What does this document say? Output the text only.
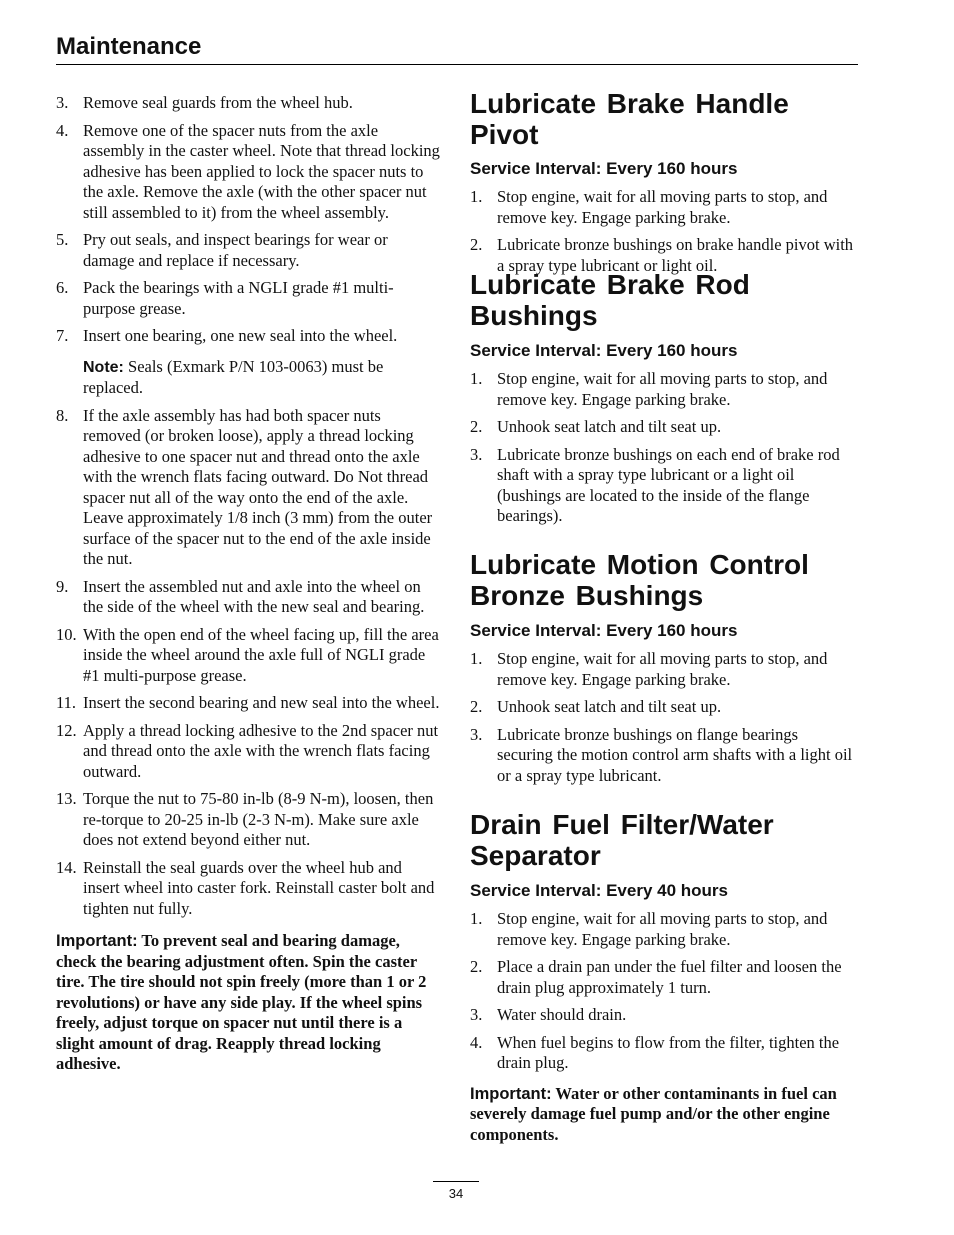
Maintenance
3. Remove seal guards from the wheel hub.
4. Remove one of the spacer nuts from the axle assembly in the caster wheel. Note that thread locking adhesive has been applied to lock the spacer nuts to the axle. Remove the axle (with the other spacer nut still assembled to it) from the wheel assembly.
5. Pry out seals, and inspect bearings for wear or damage and replace if necessary.
6. Pack the bearings with a NGLI grade #1 multi-purpose grease.
7. Insert one bearing, one new seal into the wheel.
Note: Seals (Exmark P/N 103-0063) must be replaced.
8. If the axle assembly has had both spacer nuts removed (or broken loose), apply a thread locking adhesive to one spacer nut and thread onto the axle with the wrench flats facing outward. Do Not thread spacer nut all of the way onto the end of the axle. Leave approximately 1/8 inch (3 mm) from the outer surface of the spacer nut to the end of the axle inside the nut.
9. Insert the assembled nut and axle into the wheel on the side of the wheel with the new seal and bearing.
10. With the open end of the wheel facing up, fill the area inside the wheel around the axle full of NGLI grade #1 multi-purpose grease.
11. Insert the second bearing and new seal into the wheel.
12. Apply a thread locking adhesive to the 2nd spacer nut and thread onto the axle with the wrench flats facing outward.
13. Torque the nut to 75-80 in-lb (8-9 N-m), loosen, then re-torque to 20-25 in-lb (2-3 N-m). Make sure axle does not extend beyond either nut.
14. Reinstall the seal guards over the wheel hub and insert wheel into caster fork. Reinstall caster bolt and tighten nut fully.
Important: To prevent seal and bearing damage, check the bearing adjustment often. Spin the caster tire. The tire should not spin freely (more than 1 or 2 revolutions) or have any side play. If the wheel spins freely, adjust torque on spacer nut until there is a slight amount of drag. Reapply thread locking adhesive.
Lubricate Brake Handle Pivot
Service Interval: Every 160 hours
1. Stop engine, wait for all moving parts to stop, and remove key. Engage parking brake.
2. Lubricate bronze bushings on brake handle pivot with a spray type lubricant or light oil.
Lubricate Brake Rod Bushings
Service Interval: Every 160 hours
1. Stop engine, wait for all moving parts to stop, and remove key. Engage parking brake.
2. Unhook seat latch and tilt seat up.
3. Lubricate bronze bushings on each end of brake rod shaft with a spray type lubricant or a light oil (bushings are located to the inside of the flange bearings).
Lubricate Motion Control Bronze Bushings
Service Interval: Every 160 hours
1. Stop engine, wait for all moving parts to stop, and remove key. Engage parking brake.
2. Unhook seat latch and tilt seat up.
3. Lubricate bronze bushings on flange bearings securing the motion control arm shafts with a light oil or a spray type lubricant.
Drain Fuel Filter/Water Separator
Service Interval: Every 40 hours
1. Stop engine, wait for all moving parts to stop, and remove key. Engage parking brake.
2. Place a drain pan under the fuel filter and loosen the drain plug approximately 1 turn.
3. Water should drain.
4. When fuel begins to flow from the filter, tighten the drain plug.
Important: Water or other contaminants in fuel can severely damage fuel pump and/or the other engine components.
34
